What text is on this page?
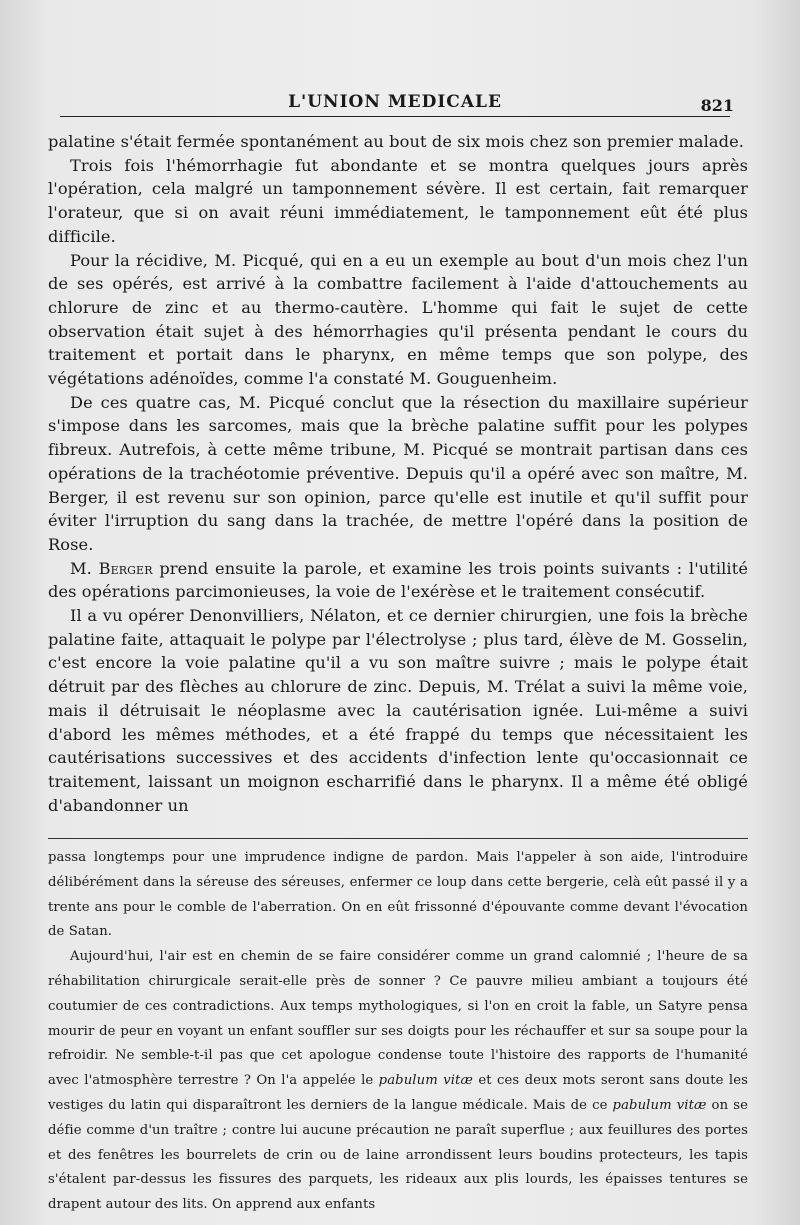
L'UNION MEDICALE	821

palatine s'était fermée spontanément au bout de six mois chez son premier malade.

Trois fois l'hémorrhagie fut abondante et se montra quelques jours après l'opération, cela malgré un tamponnement sévère. Il est certain, fait remarquer l'orateur, que si on avait réuni immédiatement, le tamponnement eût été plus difficile.

Pour la récidive, M. Picqué, qui en a eu un exemple au bout d'un mois chez l'un de ses opérés, est arrivé à la combattre facilement à l'aide d'attouchements au chlorure de zinc et au thermo-cautère. L'homme qui fait le sujet de cette observation était sujet à des hémorrhagies qu'il présenta pendant le cours du traitement et portait dans le pharynx, en même temps que son polype, des végétations adénoïdes, comme l'a constaté M. Gouguenheim.

De ces quatre cas, M. Picqué conclut que la résection du maxillaire supérieur s'impose dans les sarcomes, mais que la brèche palatine suffit pour les polypes fibreux. Autrefois, à cette même tribune, M. Picqué se montrait partisan dans ces opérations de la trachéotomie préventive. Depuis qu'il a opéré avec son maître, M. Berger, il est revenu sur son opinion, parce qu'elle est inutile et qu'il suffit pour éviter l'irruption du sang dans la trachée, de mettre l'opéré dans la position de Rose.

M. Berger prend ensuite la parole, et examine les trois points suivants : l'utilité des opérations parcimonieuses, la voie de l'exérèse et le traitement consécutif.

Il a vu opérer Denonvilliers, Nélaton, et ce dernier chirurgien, une fois la brèche palatine faite, attaquait le polype par l'électrolyse ; plus tard, élève de M. Gosselin, c'est encore la voie palatine qu'il a vu son maître suivre ; mais le polype était détruit par des flèches au chlorure de zinc. Depuis, M. Trélat a suivi la même voie, mais il détruisait le néoplasme avec la cautérisation ignée. Lui-même a suivi d'abord les mêmes méthodes, et a été frappé du temps que nécessitaient les cautérisations successives et des accidents d'infection lente qu'occasionnait ce traitement, laissant un moignon escharrifié dans le pharynx. Il a même été obligé d'abandonner un

passa longtemps pour une imprudence indigne de pardon. Mais l'appeler à son aide, l'introduire délibérément dans la séreuse des séreuses, enfermer ce loup dans cette bergerie, celà eût passé il y a trente ans pour le comble de l'aberration. On en eût frissonné d'épouvante comme devant l'évocation de Satan.

Aujourd'hui, l'air est en chemin de se faire considérer comme un grand calomnié ; l'heure de sa réhabilitation chirurgicale serait-elle près de sonner ? Ce pauvre milieu ambiant a toujours été coutumier de ces contradictions. Aux temps mythologiques, si l'on en croit la fable, un Satyre pensa mourir de peur en voyant un enfant souffler sur ses doigts pour les réchauffer et sur sa soupe pour la refroidir. Ne semble-t-il pas que cet apologue condense toute l'histoire des rapports de l'humanité avec l'atmosphère terrestre ? On l'a appelée le pabulum vitæ et ces deux mots seront sans doute les vestiges du latin qui disparaîtront les derniers de la langue médicale. Mais de ce pabulum vitæ on se défie comme d'un traître ; contre lui aucune précaution ne paraît superflue ; aux feuillures des portes et des fenêtres les bourrelets de crin ou de laine arrondissent leurs boudins protecteurs, les tapis s'étalent par-dessus les fissures des parquets, les rideaux aux plis lourds, les épaisses tentures se drapent autour des lits. On apprend aux enfants
